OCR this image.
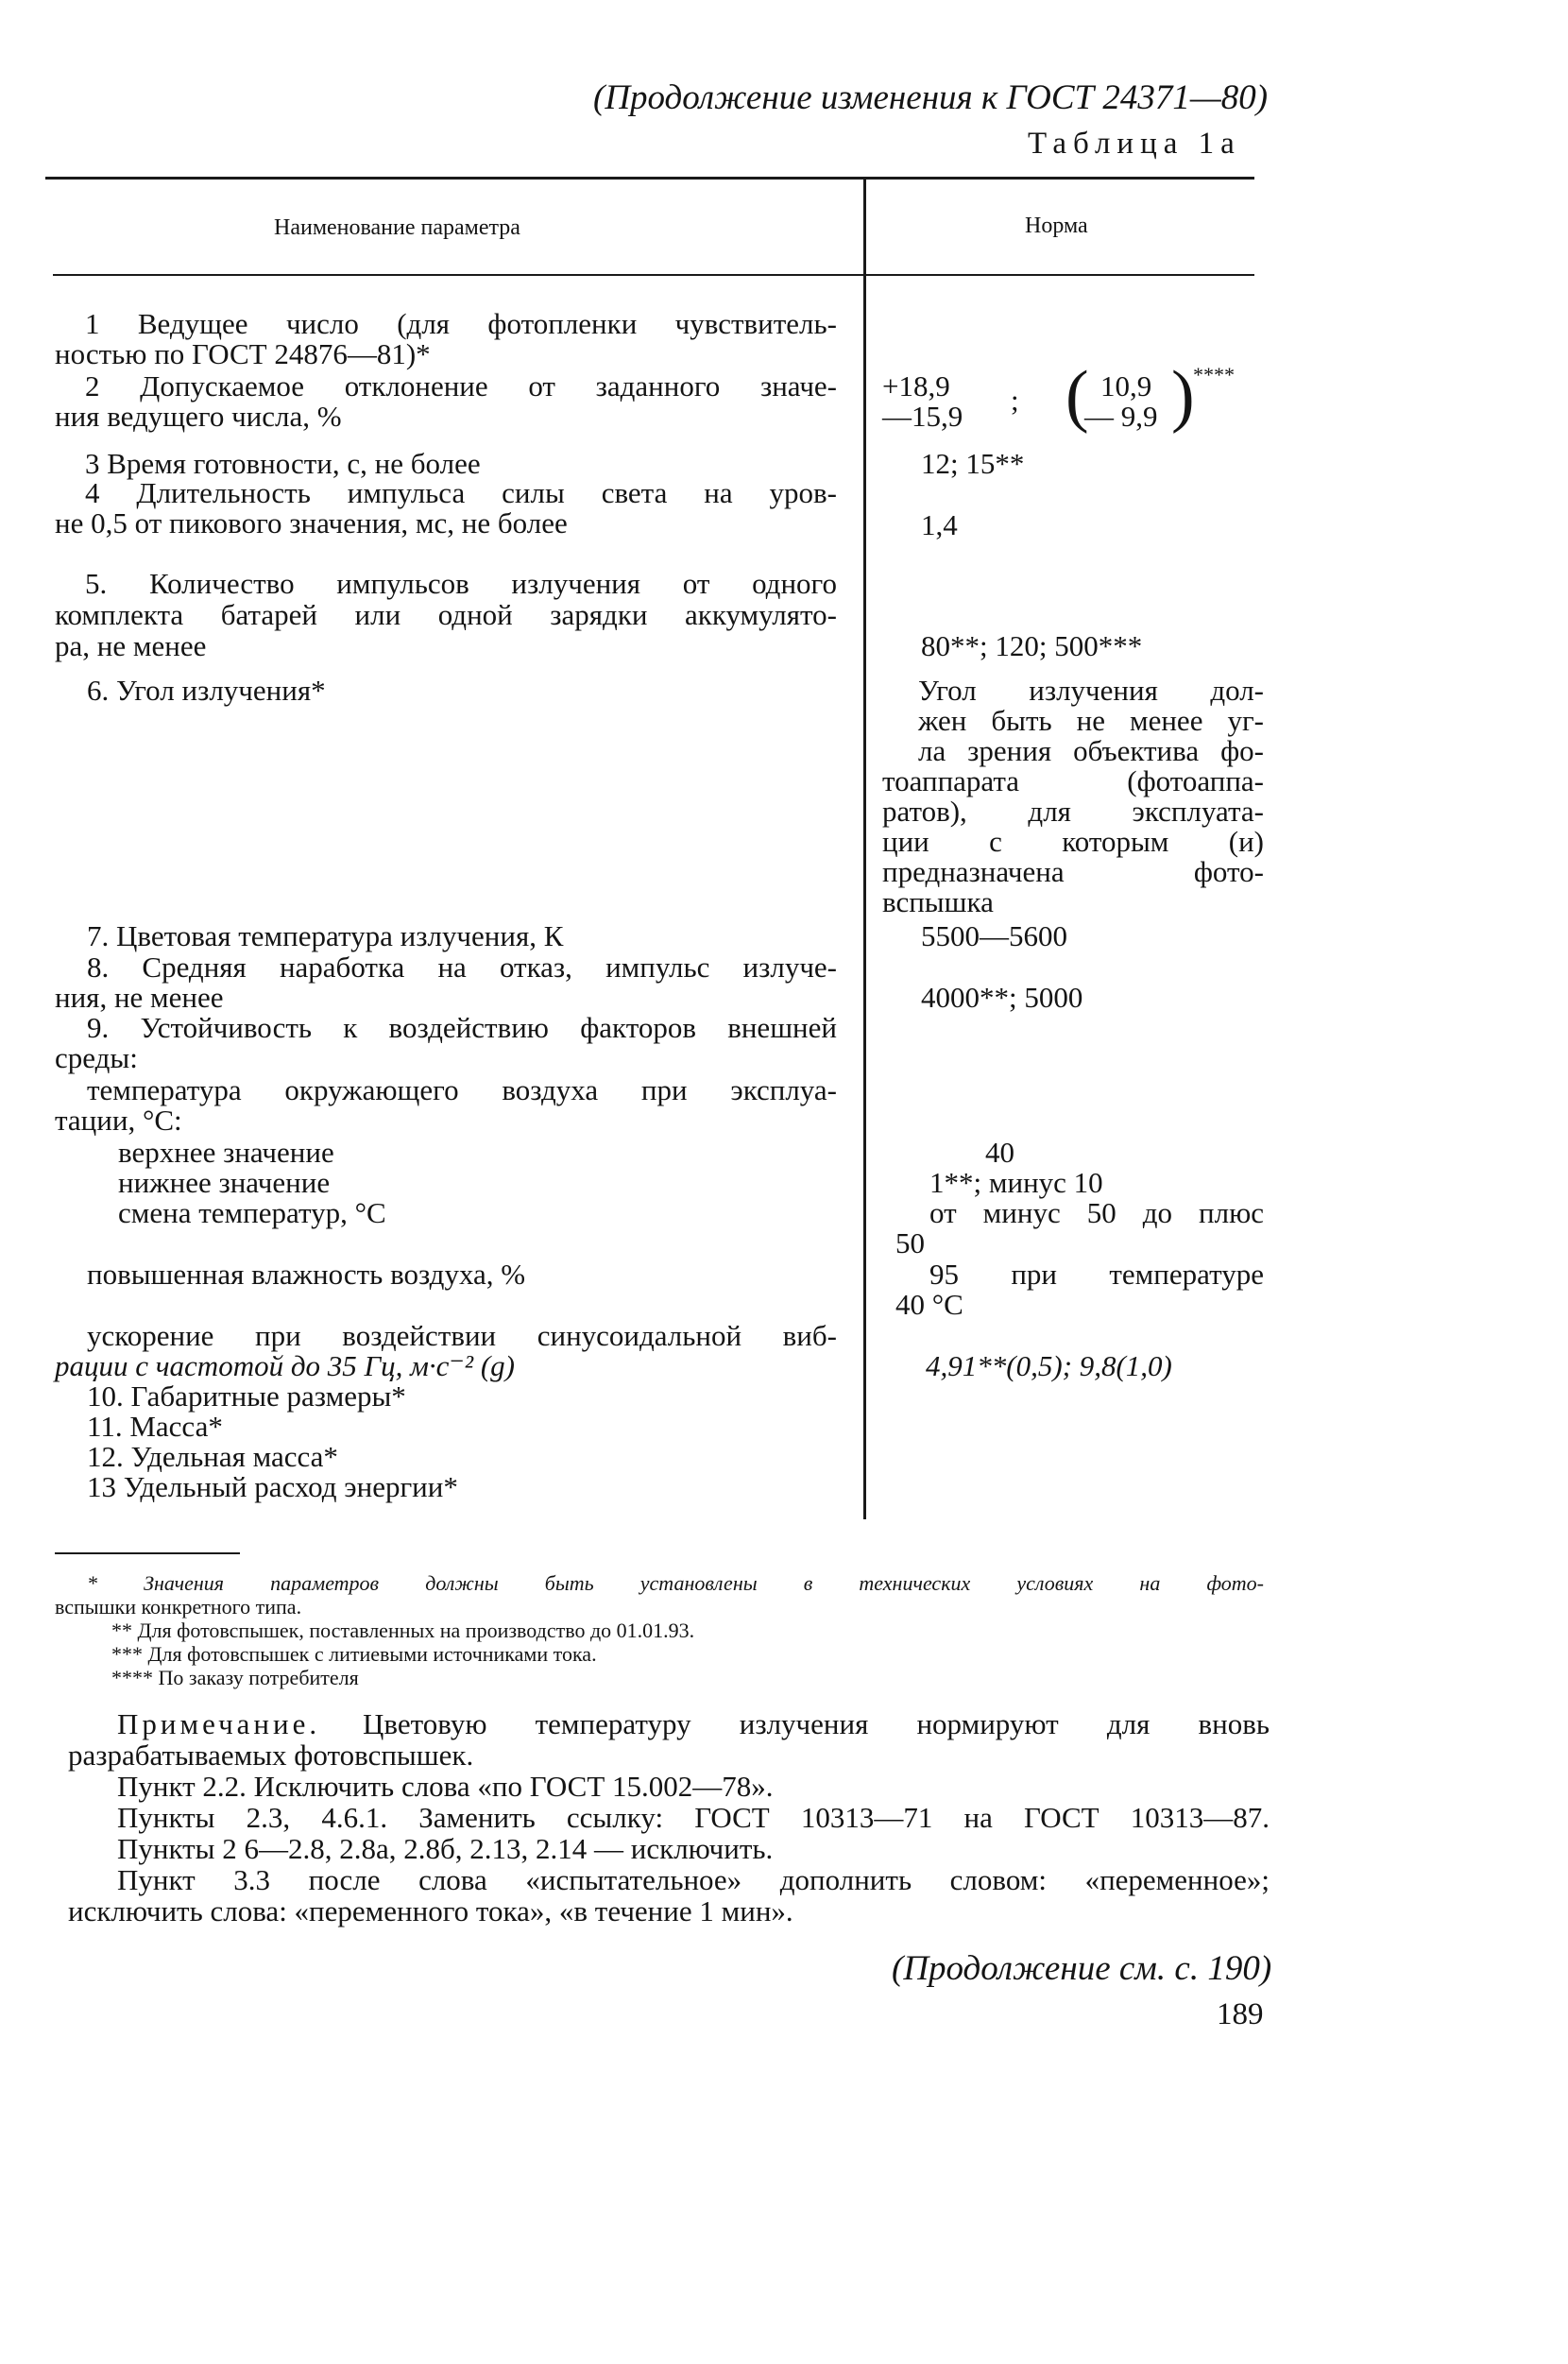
(Продолжение изменения к ГОСТ 24371—80)
Таблица 1а
Наименование параметра	Норма
1 Ведущее число (для фотопленки чувствитель-
ностью по ГОСТ 24876—81)*
2 Допускаемое отклонение от заданного значе-
ния ведущего числа, %
3 Время готовности, с, не более
4 Длительность импульса силы света на уров-
не 0,5 от пикового значения, мс, не более
5. Количество импульсов излучения от одного
комплекта батарей или одной зарядки аккумулято-
ра, не менее
6. Угол излучения*
7. Цветовая температура излучения, К
8. Средняя наработка на отказ, импульс излуче-
ния, не менее
9. Устойчивость к воздействию факторов внешней
среды:
температура окружающего воздуха при эксплуа-
тации, °С:
верхнее значение
нижнее значение
смена температур, °С
повышенная влажность воздуха, %
ускорение при воздействии синусоидальной виб-
рации с частотой до 35 Гц, м·с⁻² (g)
10. Габаритные размеры*
11. Масса*
12. Удельная масса*
13 Удельный расход энергии*
+18,9
—15,9 ; ( 10,9
— 9,9 )
****
12; 15**
1,4
80**; 120; 500***
Угол излучения дол-
жен быть не менее уг-
ла зрения объектива фо-
тоаппарата (фотоаппа-
ратов), для эксплуата-
ции с которым (и)
предназначена фото-
вспышка
5500—5600
4000**; 5000
40
1**; минус 10
от минус 50 до плюс
50
95 при температуре
40 °С
4,91**(0,5); 9,8(1,0)
* Значения параметров должны быть установлены в технических условиях на фото-
вспышки конкретного типа.
** Для фотовспышек, поставленных на производство до 01.01.93.
*** Для фотовспышек с литиевыми источниками тока.
**** По заказу потребителя
Примечание. Цветовую температуру излучения нормируют для вновь
разрабатываемых фотовспышек.
Пункт 2.2. Исключить слова «по ГОСТ 15.002—78».
Пункты 2.3, 4.6.1. Заменить ссылку: ГОСТ 10313—71 на ГОСТ 10313—87.
Пункты 2 6—2.8, 2.8а, 2.8б, 2.13, 2.14 — исключить.
Пункт 3.3 после слова «испытательное» дополнить словом: «переменное»;
исключить слова: «переменного тока», «в течение 1 мин».
(Продолжение см. с. 190)
189
